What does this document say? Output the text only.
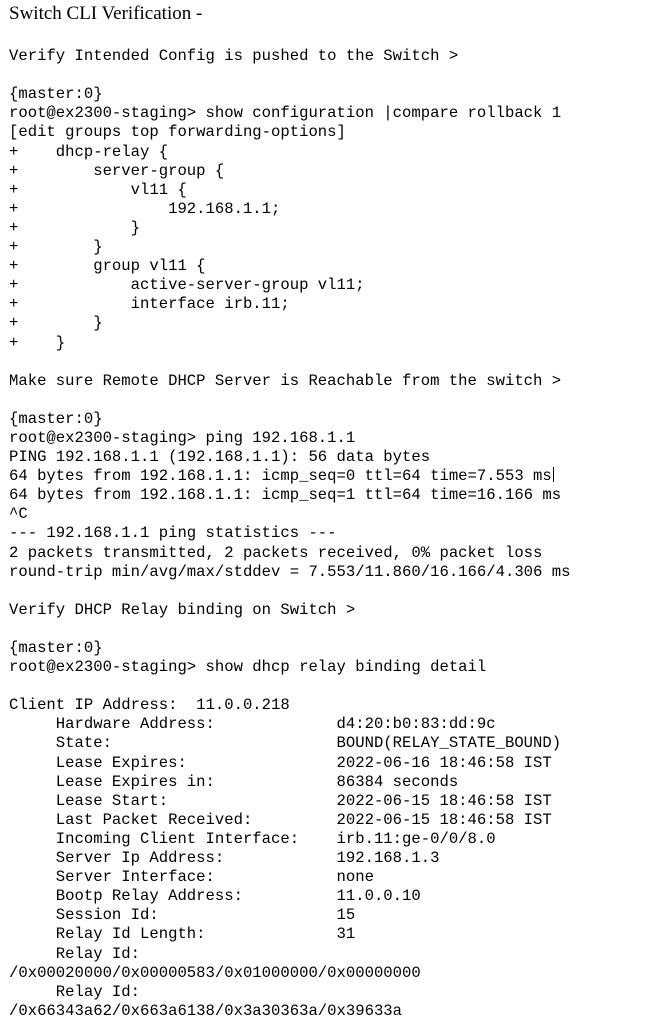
Switch CLI Verification -
Verify Intended Config is pushed to the Switch >
{master:0}
root@ex2300-staging> show configuration |compare rollback 1
[edit groups top forwarding-options]
+    dhcp-relay {
+        server-group {
+            vl11 {
+                192.168.1.1;
+            }
+        }
+        group vl11 {
+            active-server-group vl11;
+            interface irb.11;
+        }
+    }
Make sure Remote DHCP Server is Reachable from the switch >
{master:0}
root@ex2300-staging> ping 192.168.1.1
PING 192.168.1.1 (192.168.1.1): 56 data bytes
64 bytes from 192.168.1.1: icmp_seq=0 ttl=64 time=7.553 ms
64 bytes from 192.168.1.1: icmp_seq=1 ttl=64 time=16.166 ms
^C
--- 192.168.1.1 ping statistics ---
2 packets transmitted, 2 packets received, 0% packet loss
round-trip min/avg/max/stddev = 7.553/11.860/16.166/4.306 ms
Verify DHCP Relay binding on Switch >
{master:0}
root@ex2300-staging> show dhcp relay binding detail
Client IP Address:  11.0.0.218
Hardware Address:             d4:20:b0:83:dd:9c
State:                        BOUND(RELAY_STATE_BOUND)
Lease Expires:                2022-06-16 18:46:58 IST
Lease Expires in:             86384 seconds
Lease Start:                  2022-06-15 18:46:58 IST
Last Packet Received:         2022-06-15 18:46:58 IST
Incoming Client Interface:    irb.11:ge-0/0/8.0
Server Ip Address:            192.168.1.3
Server Interface:             none
Bootp Relay Address:          11.0.0.10
Session Id:                   15
Relay Id Length:              31
Relay Id:
/0x00020000/0x00000583/0x01000000/0x00000000
Relay Id:
/0x66343a62/0x663a6138/0x3a30363a/0x39633a
